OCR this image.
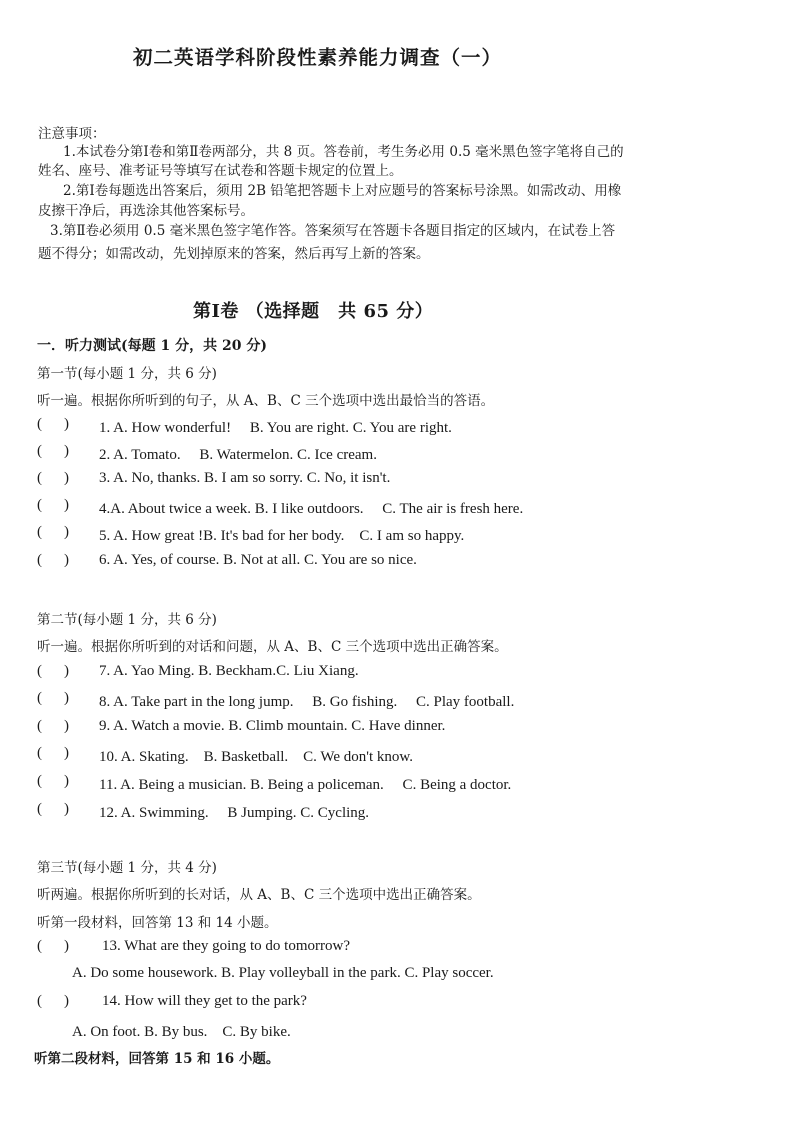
初二英语学科阶段性素养能力调查（一）
注意事项：
1.本试卷分第Ⅰ卷和第Ⅱ卷两部分，共 8 页。答卷前，考生务必用 0.5 毫米黑色签字笔将自己的
姓名、座号、准考证号等填写在试卷和答题卡规定的位置上。
2.第Ⅰ卷每题选出答案后，须用 2B 铅笔把答题卡上对应题号的答案标号涂黑。如需改动、用橡
皮擦干净后，再选涂其他答案标号。
3.第Ⅱ卷必须用 0.5 毫米黑色签字笔作答。答案须写在答题卡各题目指定的区域内，在试卷上答
题不得分；如需改动，先划掉原来的答案，然后再写上新的答案。
第Ⅰ卷 （选择题　共 65 分）
一．听力测试(每题 1 分，共 20 分)
第一节(每小题 1 分，共 6 分)
听一遍。根据你所听到的句子，从 A、B、C 三个选项中选出最恰当的答语。
( ) 1. A. How wonderful!　 B. You are right. C. You are right.
( ) 2. A. Tomato.　 B. Watermelon. C. Ice cream.
( ) 3. A. No, thanks. B. I am so sorry. C. No, it isn't.
( ) 4.A. About twice a week. B. I like outdoors.　 C. The air is fresh here.
( ) 5. A. How great !B. It's bad for her body.　C. I am so happy.
( ) 6. A. Yes, of course. B. Not at all. C. You are so nice.
第二节(每小题 1 分，共 6 分)
听一遍。根据你所听到的对话和问题，从 A、B、C 三个选项中选出正确答案。
( ) 7. A. Yao Ming. B. Beckham.C. Liu Xiang.
( ) 8. A. Take part in the long jump.　 B. Go fishing.　 C. Play football.
( ) 9. A. Watch a movie. B. Climb mountain. C. Have dinner.
( ) 10. A. Skating.　B. Basketball.　C. We don't know.
( ) 11. A. Being a musician. B. Being a policeman.　 C. Being a doctor.
( ) 12. A. Swimming.　 B Jumping. C. Cycling.
第三节(每小题 1 分，共 4 分)
听两遍。根据你所听到的长对话，从 A、B、C 三个选项中选出正确答案。
听第一段材料，回答第 13 和 14 小题。
( ) 13. What are they going to do tomorrow?
A. Do some housework. B. Play volleyball in the park. C. Play soccer.
( ) 14. How will they get to the park?
A. On foot. B. By bus.　C. By bike.
听第二段材料，回答第 15 和 16 小题。
